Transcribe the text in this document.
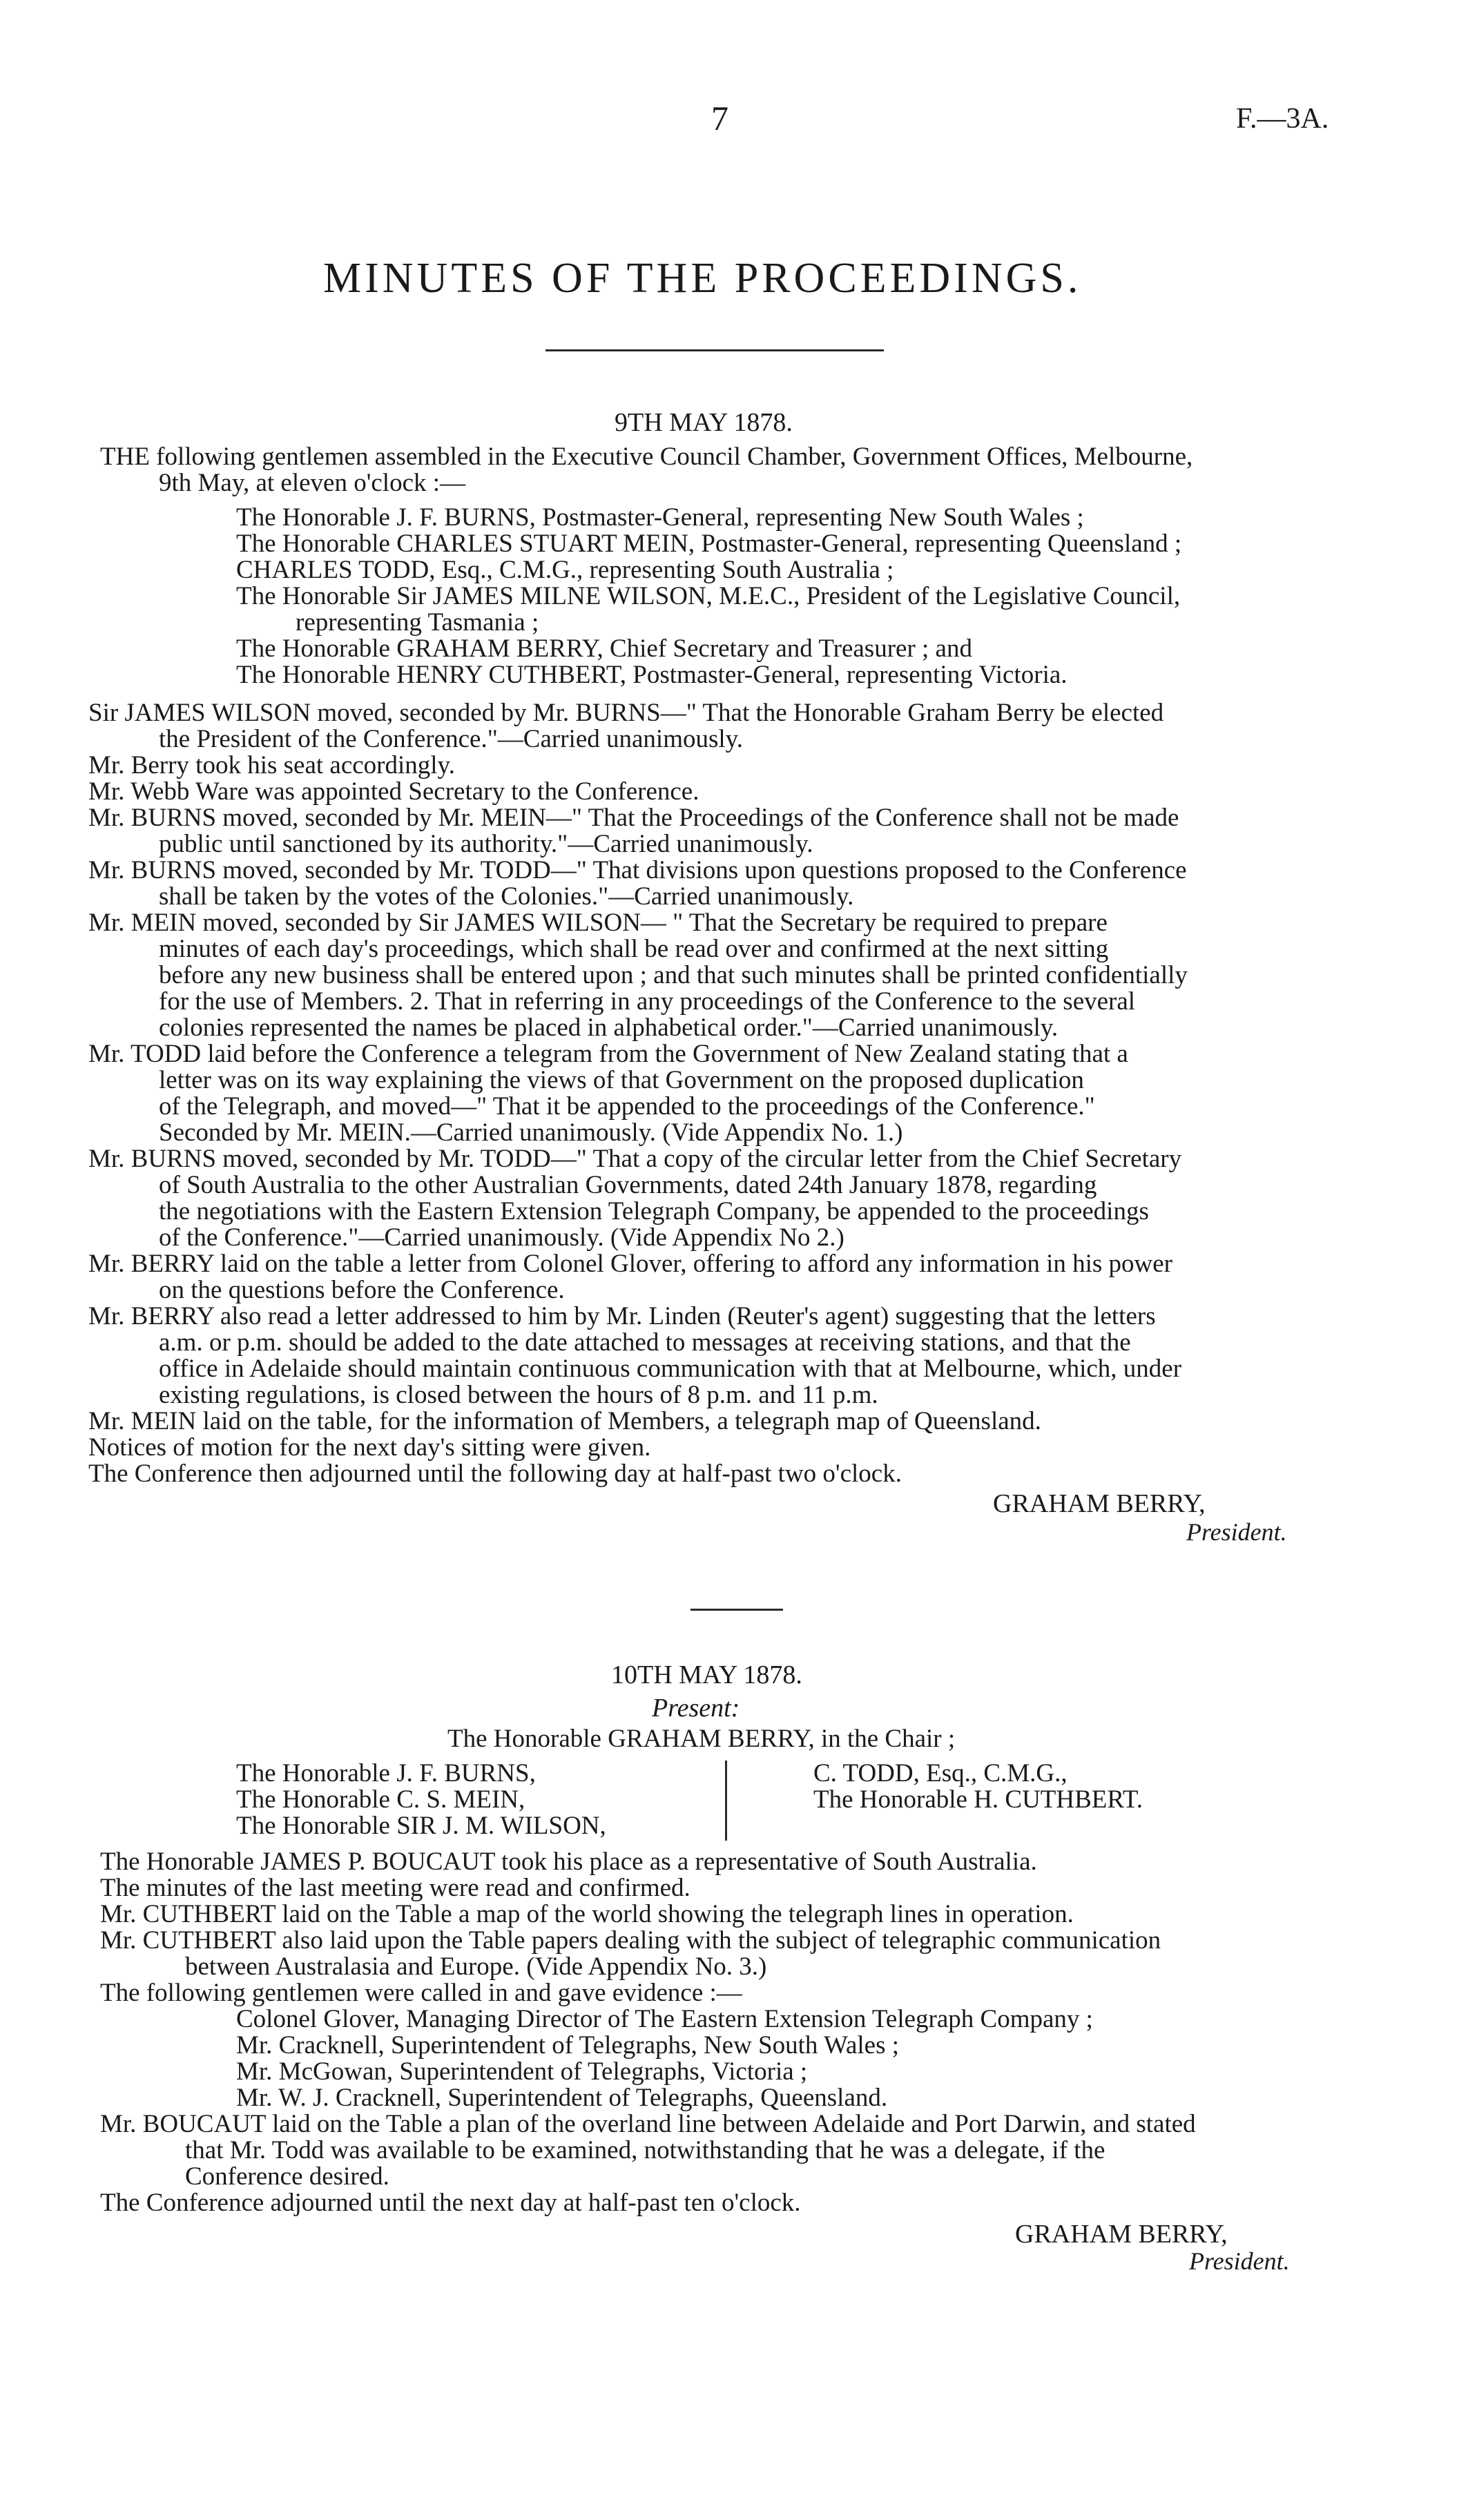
7	F.—3A.
MINUTES OF THE PROCEEDINGS.
9TH MAY 1878.
THE following gentlemen assembled in the Executive Council Chamber, Government Offices, Melbourne,
9th May, at eleven o'clock :—
The Honorable J. F. BURNS, Postmaster-General, representing New South Wales ;
The Honorable CHARLES STUART MEIN, Postmaster-General, representing Queensland ;
CHARLES TODD, Esq., C.M.G., representing South Australia ;
The Honorable Sir JAMES MILNE WILSON, M.E.C., President of the Legislative Council,
representing Tasmania ;
The Honorable GRAHAM BERRY, Chief Secretary and Treasurer ; and
The Honorable HENRY CUTHBERT, Postmaster-General, representing Victoria.
Sir JAMES WILSON moved, seconded by Mr. BURNS—" That the Honorable Graham Berry be elected
the President of the Conference."—Carried unanimously.
Mr. Berry took his seat accordingly.
Mr. Webb Ware was appointed Secretary to the Conference.
Mr. BURNS moved, seconded by Mr. MEIN—" That the Proceedings of the Conference shall not be made
public until sanctioned by its authority."—Carried unanimously.
Mr. BURNS moved, seconded by Mr. TODD—" That divisions upon questions proposed to the Conference
shall be taken by the votes of the Colonies."—Carried unanimously.
Mr. MEIN moved, seconded by Sir JAMES WILSON— " That the Secretary be required to prepare
minutes of each day's proceedings, which shall be read over and confirmed at the next sitting
before any new business shall be entered upon ; and that such minutes shall be printed confidentially
for the use of Members. 2. That in referring in any proceedings of the Conference to the several
colonies represented the names be placed in alphabetical order."—Carried unanimously.
Mr. TODD laid before the Conference a telegram from the Government of New Zealand stating that a
letter was on its way explaining the views of that Government on the proposed duplication
of the Telegraph, and moved—" That it be appended to the proceedings of the Conference."
Seconded by Mr. MEIN.—Carried unanimously. (Vide Appendix No. 1.)
Mr. BURNS moved, seconded by Mr. TODD—" That a copy of the circular letter from the Chief Secretary
of South Australia to the other Australian Governments, dated 24th January 1878, regarding
the negotiations with the Eastern Extension Telegraph Company, be appended to the proceedings
of the Conference."—Carried unanimously. (Vide Appendix No 2.)
Mr. BERRY laid on the table a letter from Colonel Glover, offering to afford any information in his power
on the questions before the Conference.
Mr. BERRY also read a letter addressed to him by Mr. Linden (Reuter's agent) suggesting that the letters
a.m. or p.m. should be added to the date attached to messages at receiving stations, and that the
office in Adelaide should maintain continuous communication with that at Melbourne, which, under
existing regulations, is closed between the hours of 8 p.m. and 11 p.m.
Mr. MEIN laid on the table, for the information of Members, a telegraph map of Queensland.
Notices of motion for the next day's sitting were given.
The Conference then adjourned until the following day at half-past two o'clock.
GRAHAM BERRY,
President.
10TH MAY 1878.
Present:
The Honorable GRAHAM BERRY, in the Chair ;
The Honorable J. F. BURNS,
The Honorable C. S. MEIN,
The Honorable SIR J. M. WILSON,
C. TODD, Esq., C.M.G.,
The Honorable H. CUTHBERT.
The Honorable JAMES P. BOUCAUT took his place as a representative of South Australia.
The minutes of the last meeting were read and confirmed.
Mr. CUTHBERT laid on the Table a map of the world showing the telegraph lines in operation.
Mr. CUTHBERT also laid upon the Table papers dealing with the subject of telegraphic communication
between Australasia and Europe. (Vide Appendix No. 3.)
The following gentlemen were called in and gave evidence :—
Colonel Glover, Managing Director of The Eastern Extension Telegraph Company ;
Mr. Cracknell, Superintendent of Telegraphs, New South Wales ;
Mr. McGowan, Superintendent of Telegraphs, Victoria ;
Mr. W. J. Cracknell, Superintendent of Telegraphs, Queensland.
Mr. BOUCAUT laid on the Table a plan of the overland line between Adelaide and Port Darwin, and stated
that Mr. Todd was available to be examined, notwithstanding that he was a delegate, if the
Conference desired.
The Conference adjourned until the next day at half-past ten o'clock.
GRAHAM BERRY,
President.
